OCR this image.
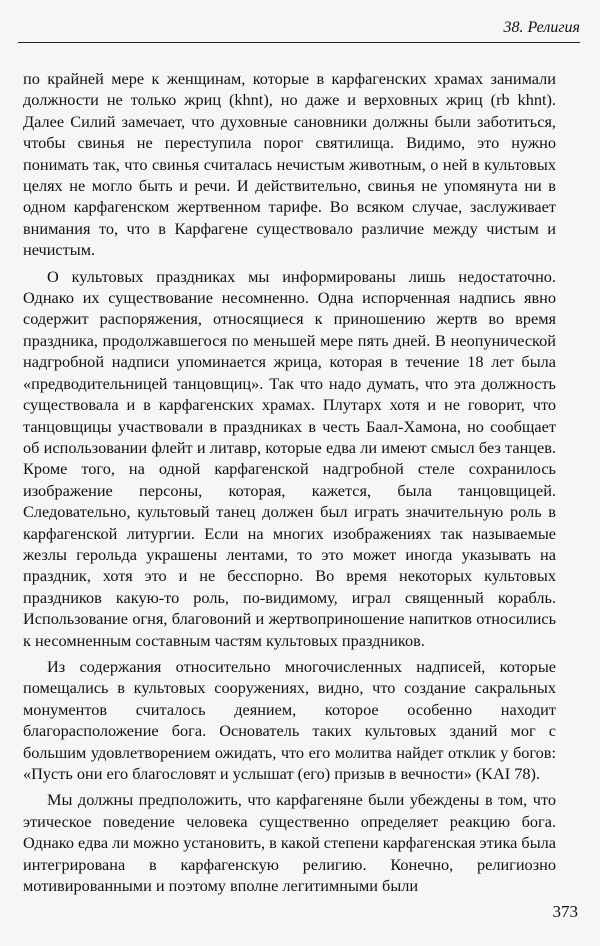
38. Религия

по крайней мере к женщинам, которые в карфагенских храмах занимали должности не только жриц (khnt), но даже и верховных жриц (rb khnt). Далее Силий замечает, что духовные сановники должны были заботиться, чтобы свинья не переступила порог святилища. Видимо, это нужно понимать так, что свинья считалась нечистым животным, о ней в культовых целях не могло быть и речи. И действительно, свинья не упомянута ни в одном карфагенском жертвенном тарифе. Во всяком случае, заслуживает внимания то, что в Карфагене существовало различие между чистым и нечистым.

О культовых праздниках мы информированы лишь недостаточно. Однако их существование несомненно. Одна испорченная надпись явно содержит распоряжения, относящиеся к приношению жертв во время праздника, продолжавшегося по меньшей мере пять дней. В неопунической надгробной надписи упоминается жрица, которая в течение 18 лет была «предводительницей танцовщиц». Так что надо думать, что эта должность существовала и в карфагенских храмах. Плутарх хотя и не говорит, что танцовщицы участвовали в праздниках в честь Баал-Хамона, но сообщает об использовании флейт и литавр, которые едва ли имеют смысл без танцев. Кроме того, на одной карфагенской надгробной стеле сохранилось изображение персоны, которая, кажется, была танцовщицей. Следовательно, культовый танец должен был играть значительную роль в карфагенской литургии. Если на многих изображениях так называемые жезлы герольда украшены лентами, то это может иногда указывать на праздник, хотя это и не бесспорно. Во время некоторых культовых праздников какую-то роль, по-видимому, играл священный корабль. Использование огня, благовоний и жертвоприношение напитков относились к несомненным составным частям культовых праздников.

Из содержания относительно многочисленных надписей, которые помещались в культовых сооружениях, видно, что создание сакральных монументов считалось деянием, которое особенно находит благорасположение бога. Основатель таких культовых зданий мог с большим удовлетворением ожидать, что его молитва найдет отклик у богов: «Пусть они его благословят и услышат (его) призыв в вечности» (KAI 78).

Мы должны предположить, что карфагеняне были убеждены в том, что этическое поведение человека существенно определяет реакцию бога. Однако едва ли можно установить, в какой степени карфагенская этика была интегрирована в карфагенскую религию. Конечно, религиозно мотивированными и поэтому вполне легитимными были

373
